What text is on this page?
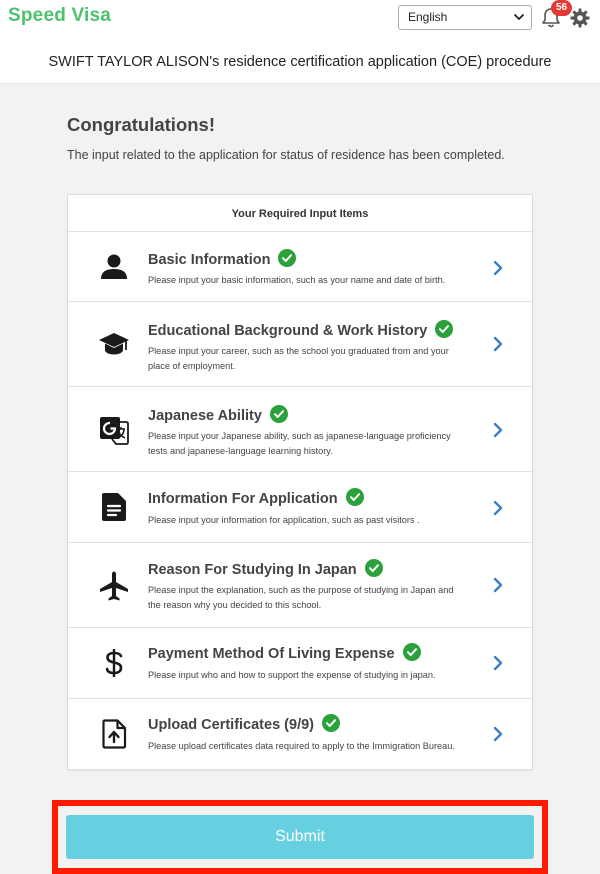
Speed Visa	English
56
SWIFT TAYLOR ALISON's residence certification application (COE) procedure
Congratulations!
The input related to the application for status of residence has been completed.
Your Required Input Items
Basic Information
Please input your basic information, such as your name and date of birth.
Educational Background & Work History
Please input your career, such as the school you graduated from and your place of employment.
Japanese Ability
Please input your Japanese ability, such as japanese-language proficiency tests and japanese-language learning history.
Information For Application
Please input your information for application, such as past visitors .
Reason For Studying In Japan
Please input the explanation, such as the purpose of studying in Japan and the reason why you decided to this school.
Payment Method Of Living Expense
Please input who and how to support the expense of studying in japan.
Upload Certificates (9/9)
Please upload certificates data required to apply to the Immigration Bureau.
Submit
